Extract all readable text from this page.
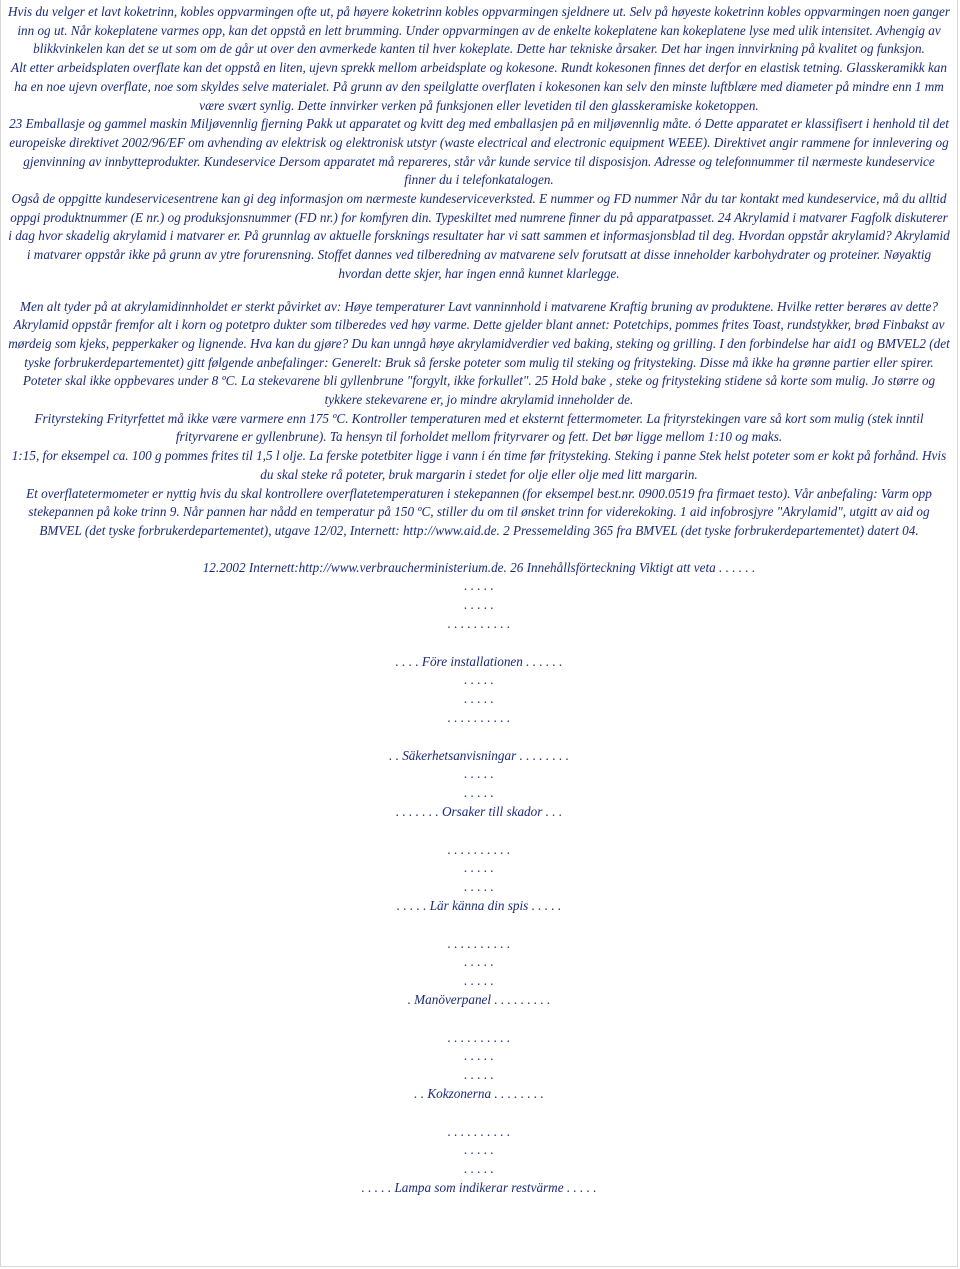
Hvis du velger et lavt koketrinn, kobles oppvarmingen ofte ut, på høyere koketrinn kobles oppvarmingen sjeldnere ut. Selv på høyeste koketrinn kobles oppvarmingen noen ganger inn og ut. Når kokeplatene varmes opp, kan det oppstå en lett brumming. Under oppvarmingen av de enkelte kokeplatene kan kokeplatene lyse med ulik intensitet. Avhengig av blikkvinkelen kan det se ut som om de går ut over den avmerkede kanten til hver kokeplate. Dette har tekniske årsaker. Det har ingen innvirkning på kvalitet og funksjon.

Alt etter arbeidsplaten overflate kan det oppstå en liten, ujevn sprekk mellom arbeidsplate og kokesone. Rundt kokesonen finnes det derfor en elastisk tetning. Glasskeramikk kan ha en noe ujevn overflate, noe som skyldes selve materialet. På grunn av den speilglatte overflaten i kokesonen kan selv den minste luftblære med diameter på mindre enn 1 mm være svært synlig. Dette innvirker verken på funksjonen eller levetiden til den glasskeramiske koketoppen.

23 Emballasje og gammel maskin Miljøvennlig fjerning Pakk ut apparatet og kvitt deg med emballasjen på en miljøvennlig måte. ó Dette apparatet er klassifisert i henhold til det europeiske direktivet 2002/96/EF om avhending av elektrisk og elektronisk utstyr (waste electrical and electronic equipment WEEE). Direktivet angir rammene for innlevering og gjenvinning av innbytteprodukter. Kundeservice Dersom apparatet må repareres, står vår kunde service til disposisjon. Adresse og telefonnummer til nærmeste kundeservice finner du i telefonkatalogen.

Også de oppgitte kundeservicesentrene kan gi deg informasjon om nærmeste kundeserviceverksted. E nummer og FD nummer Når du tar kontakt med kundeservice, må du alltid oppgi produktnummer (E nr.) og produksjonsnummer (FD nr.) for komfyren din. Typeskiltet med numrene finner du på apparatpasset. 24 Akrylamid i matvarer Fagfolk diskuterer i dag hvor skadelig akrylamid i matvarer er. På grunnlag av aktuelle forsknings resultater har vi satt sammen et informasjonsblad til deg. Hvordan oppstår akrylamid? Akrylamid i matvarer oppstår ikke på grunn av ytre forurensning. Stoffet dannes ved tilberedning av matvarene selv forutsatt at disse inneholder karbohydrater og proteiner. Nøyaktig hvordan dette skjer, har ingen ennå kunnet klarlegge.

Men alt tyder på at akrylamidinnholdet er sterkt påvirket av: Høye temperaturer Lavt vanninnhold i matvarene Kraftig bruning av produktene. Hvilke retter berøres av dette? Akrylamid oppstår fremfor alt i korn og potetpro dukter som tilberedes ved høy varme. Dette gjelder blant annet: Potetchips, pommes frites Toast, rundstykker, brød Finbakst av mørdeig som kjeks, pepperkaker og lignende. Hva kan du gjøre? Du kan unngå høye akrylamidverdier ved baking, steking og grilling. I den forbindelse har aid1 og BMVEL2 (det tyske forbrukerdepartementet) gitt følgende anbefalinger: Generelt: Bruk så ferske poteter som mulig til steking og fritysteking. Disse må ikke ha grønne partier eller spirer. Poteter skal ikke oppbevares under 8 ºC. La stekevarene bli gyllenbrune "forgylt, ikke forkullet". 25 Hold bake , steke og fritysteking stidene så korte som mulig. Jo større og tykkere stekevarene er, jo mindre akrylamid inneholder de.

Frityrsteking Frityrfettet må ikke være varmere enn 175 ºC. Kontroller temperaturen med et eksternt fettermometer. La frityrstekingen vare så kort som mulig (stek inntil frityrvarene er gyllenbrune). Ta hensyn til forholdet mellom frityrvarer og fett. Det bør ligge mellom 1:10 og maks.

1:15, for eksempel ca. 100 g pommes frites til 1,5 l olje. La ferske potetbiter ligge i vann i én time før fritysteking. Steking i panne Stek helst poteter som er kokt på forhånd. Hvis du skal steke rå poteter, bruk margarin i stedet for olje eller olje med litt margarin.

Et overflatetermometer er nyttig hvis du skal kontrollere overflatetemperaturen i stekepannen (for eksempel best.nr. 0900.0519 fra firmaet testo). Vår anbefaling: Varm opp stekepannen på koke trinn 9. Når pannen har nådd en temperatur på 150 ºC, stiller du om til ønsket trinn for viderekoking. 1 aid infobrosjyre "Akrylamid", utgitt av aid og BMVEL (det tyske forbrukerdepartementet), utgave 12/02, Internett: http://www.aid.de. 2 Pressemelding 365 fra BMVEL (det tyske forbrukerdepartementet) datert 04.

12.2002 Internett:http://www.verbraucherministerium.de. 26 Innehållsförteckning Viktigt att veta . . . . . .
. . . . .
. . . . .
. . . . . . . . . .
. . . . Före installationen . . . . . .
. . . . .
. . . . .
. . . . . . . . . .
. . Säkerhetsanvisningar . . . . . . . .
. . . . .
. . . . .
. . . . . . . Orsaker till skador . . .
. . . . . . . . . .
. . . . .
. . . . .
. . . . . Lär känna din spis . . . . .
. . . . . . . . . .
. . . . .
. . . . .
. Manöverpanel . . . . . . . . .
. . . . . . . . . .
. . . . .
. . . . .
. . Kokzonerna . . . . . . . .
. . . . . . . . . .
. . . . .
. . . . .
. . . . . Lampa som indikerar restvärme . . . . .
